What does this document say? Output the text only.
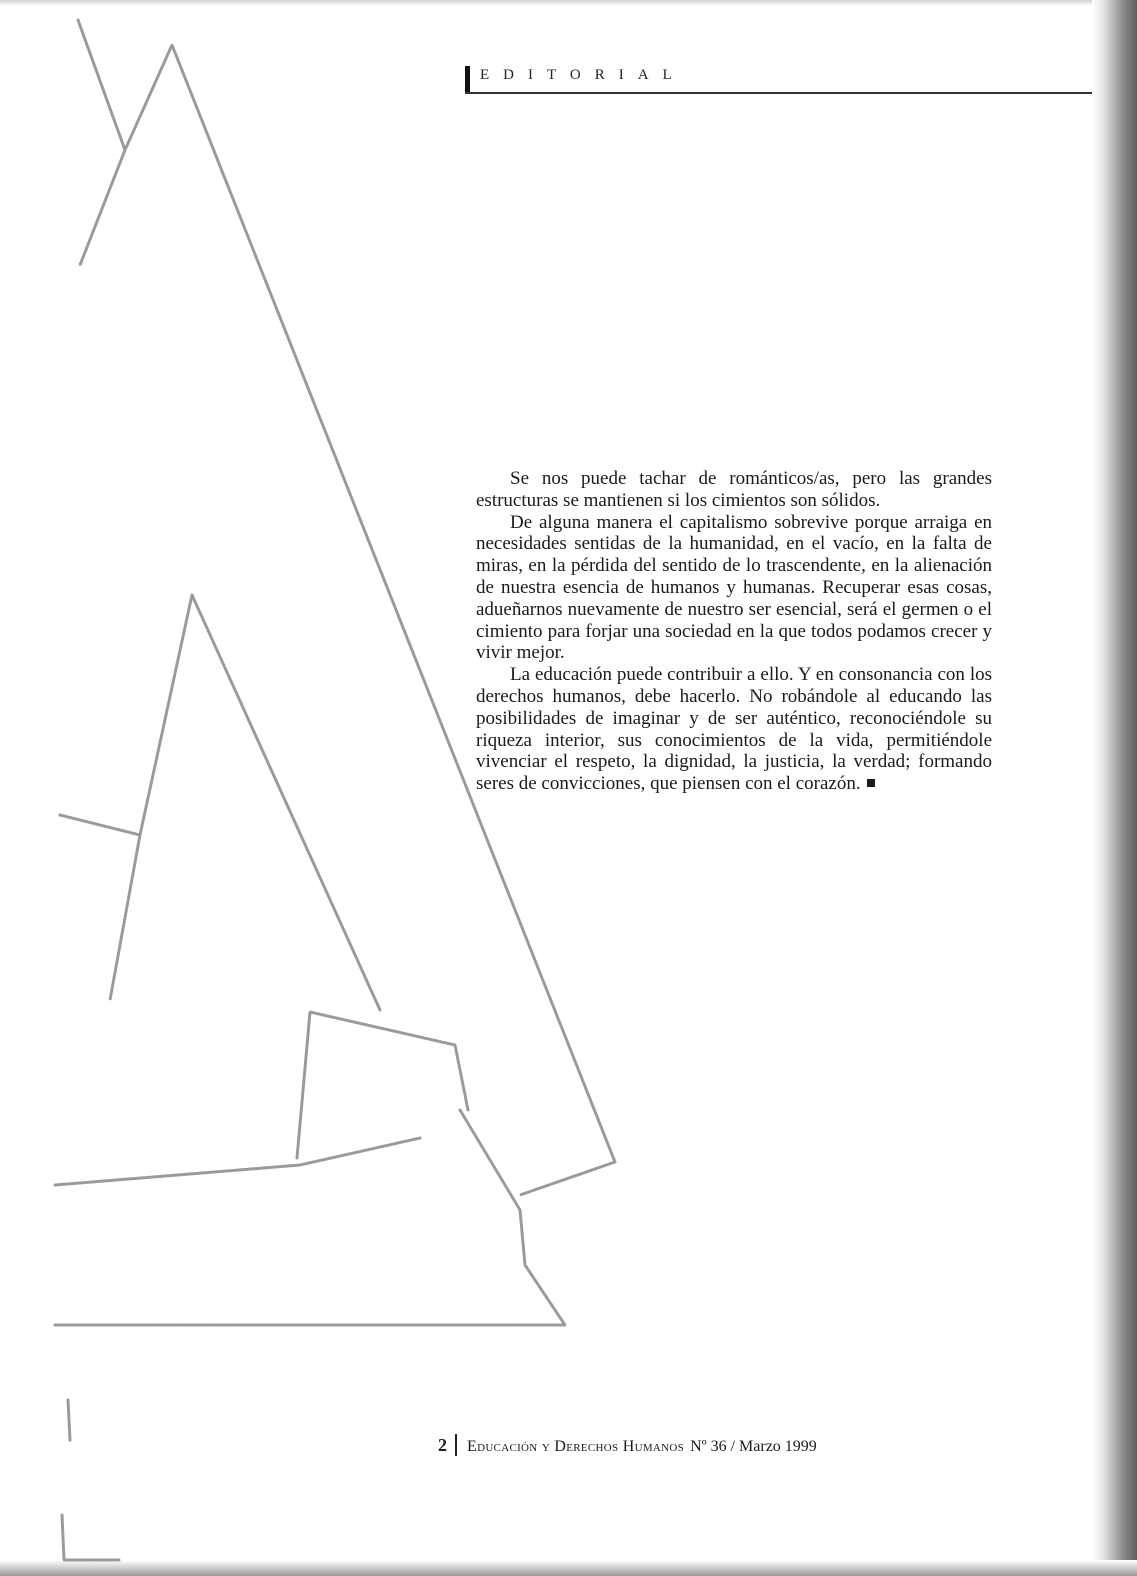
EDITORIAL

Se nos puede tachar de románticos/as, pero las grandes estructuras se mantienen si los cimientos son sólidos.

De alguna manera el capitalismo sobrevive porque arraiga en necesidades sentidas de la humanidad, en el vacío, en la falta de miras, en la pérdida del sentido de lo trascendente, en la alienación de nuestra esencia de humanos y humanas. Recuperar esas cosas, adueñarnos nuevamente de nuestro ser esencial, será el germen o el cimiento para forjar una sociedad en la que todos podamos crecer y vivir mejor.

La educación puede contribuir a ello. Y en consonancia con los derechos humanos, debe hacerlo. No robándole al educando las posibilidades de imaginar y de ser auténtico, reconociéndole su riqueza interior, sus conocimientos de la vida, permitiéndole vivenciar el respeto, la dignidad, la justicia, la verdad; formando seres de convicciones, que piensen con el corazón.

2 Educación y Derechos Humanos Nº 36 / Marzo 1999
